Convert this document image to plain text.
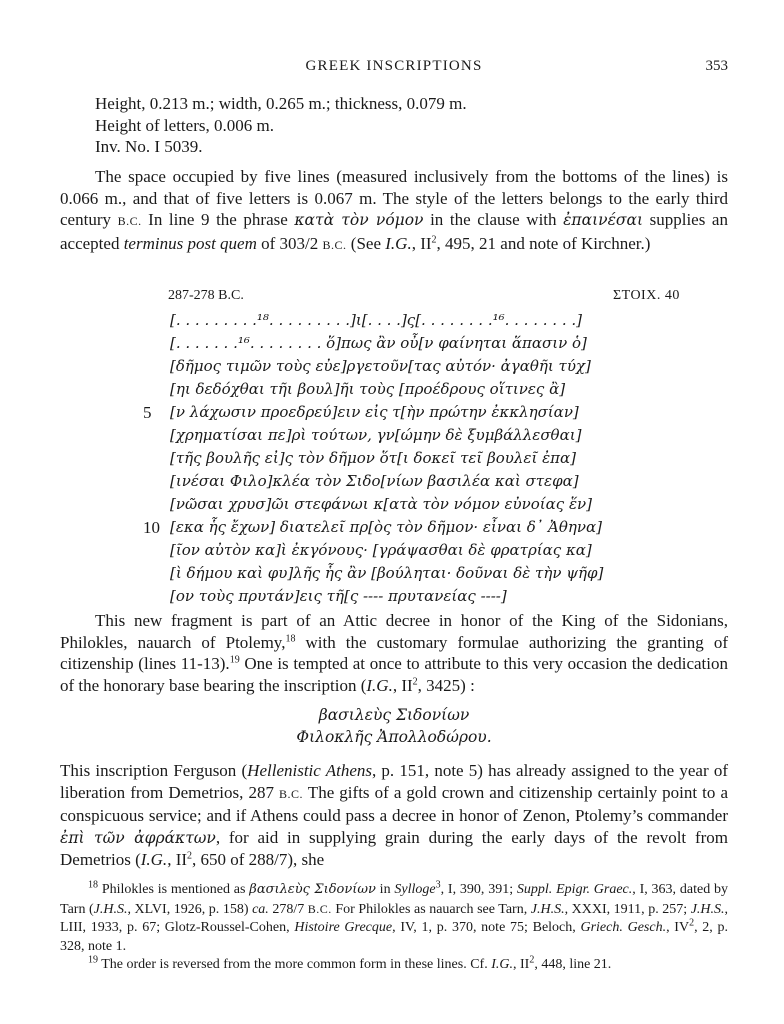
GREEK INSCRIPTIONS	353
Height, 0.213 m.; width, 0.265 m.; thickness, 0.079 m.
Height of letters, 0.006 m.
Inv. No. I 5039.
The space occupied by five lines (measured inclusively from the bottoms of the lines) is 0.066 m., and that of five letters is 0.067 m. The style of the letters belongs to the early third century B.C. In line 9 the phrase κατὰ τὸν νόμον in the clause with ἐπαινέσαι supplies an accepted terminus post quem of 303/2 B.C. (See I.G., $II^2$, 495, 21 and note of Kirchner.)
287-278 B.C.	ΣΤΟΙΧ. 40
[. . . . . . . . .¹⁸. . . . . . . . .]ι[. . . .]ς[. . . . . . . .¹⁶. . . . . . . .]
[. . . . . . .¹⁶. . . . . . . . ὅ]πως ἂν οὖ[ν φαίνηται ἅπασιν ὁ]
[δῆμος τιμῶν τοὺς εὐε]ργετοῦν[τας αὐτόν· ἀγαθῆι τύχ]
[ηι δεδόχθαι τῆι βουλ]ῆι τοὺς [προέδρους οἵτινες ἂ]
5	[ν λάχωσιν προεδρεύ]ειν εἰς τ[ὴν πρώτην ἐκκλησίαν]
[χρηματίσαι πε]ρὶ τούτων, γν[ώμην δὲ ξυμβάλλεσθαι]
[τῆς βουλῆς εἰ]ς τὸν δῆμον ὅτ[ι δοκεῖ τεῖ βουλεῖ ἐπα]
[ινέσαι Φιλο]κλέα τὸν Σιδο[νίων βασιλέα καὶ στεφα]
[νῶσαι χρυσ]ῶι στεφάνωι κ[ατὰ τὸν νόμον εὐνοίας ἕν]
10 [εκα ἧς ἔχων] διατελεῖ πρ[ὸς τὸν δῆμον· εἶναι δ᾽ Ἀθηνα]
[ῖον αὐτὸν κα]ὶ ἐκγόνους· [γράψασθαι δὲ φρατρίας κα]
[ὶ δήμου καὶ φυ]λῆς ἧς ἂν [βούληται· δοῦναι δὲ τὴν ψῆφ]
[ον τοὺς πρυτάν]εις τῆ[ς ---- πρυτανείας ----]
This new fragment is part of an Attic decree in honor of the King of the Sidonians, Philokles, nauarch of Ptolemy,$^{18}$ with the customary formulae authorizing the granting of citizenship (lines 11-13).$^{19}$ One is tempted at once to attribute to this very occasion the dedication of the honorary base bearing the inscription (I.G., $II^2$, 3425) :
βασιλεὺς Σιδονίων
Φιλοκλῆς Ἀπολλοδώρου.
This inscription Ferguson (Hellenistic Athens, p. 151, note 5) has already assigned to the year of liberation from Demetrios, 287 B.C. The gifts of a gold crown and citizenship certainly point to a conspicuous service; and if Athens could pass a decree in honor of Zenon, Ptolemy’s commander ἐπὶ τῶν ἀφράκτων, for aid in supplying grain during the early days of the revolt from Demetrios (I.G., $II^2$, 650 of 288/7), she

$^{18}$ Philokles is mentioned as βασιλεὺς Σιδονίων in Sylloge$^3$, I, 390, 391; Suppl. Epigr. Graec., I, 363, dated by Tarn (J.H.S., XLVI, 1926, p. 158) ca. 278/7 B.C. For Philokles as nauarch see Tarn, J.H.S., XXXI, 1911, p. 257; J.H.S., LIII, 1933, p. 67; Glotz-Roussel-Cohen, Histoire Grecque, IV, 1, p. 370, note 75; Beloch, Griech. Gesch., $IV^2$, 2, p. 328, note 1.

$^{19}$ The order is reversed from the more common form in these lines. Cf. I.G., $II^2$, 448, line 21.
